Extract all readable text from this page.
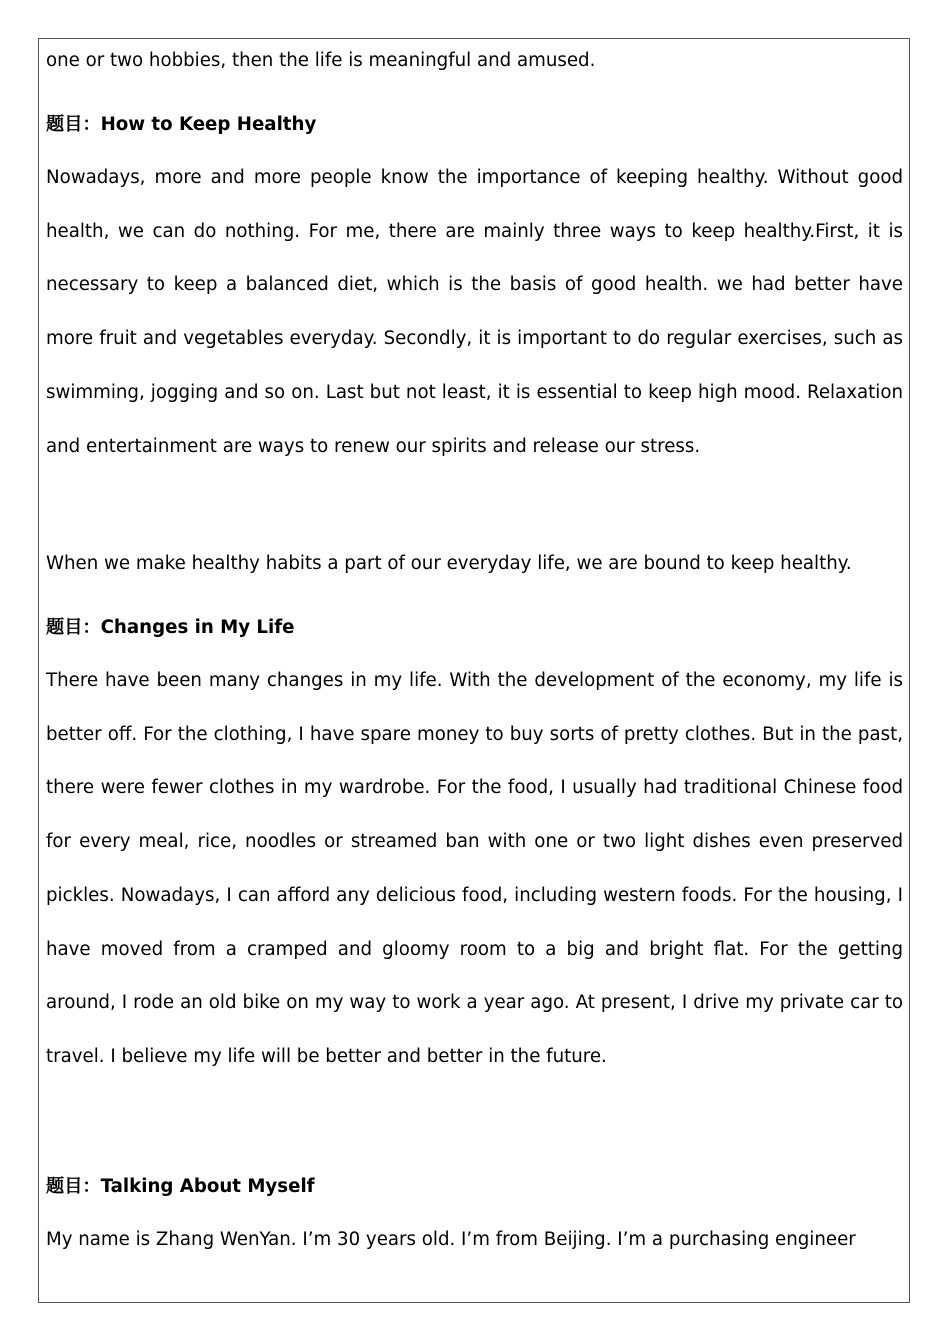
one or two hobbies, then the life is meaningful and amused.
题目：How to Keep Healthy

Nowadays, more and more people know the importance of keeping healthy. Without good health, we can do nothing. For me, there are mainly three ways to keep healthy.First, it is necessary to keep a balanced diet, which is the basis of good health. we had better have more fruit and vegetables everyday. Secondly, it is important to do regular exercises, such as swimming, jogging and so on. Last but not least, it is essential to keep high mood. Relaxation and entertainment are ways to renew our spirits and release our stress.

When we make healthy habits a part of our everyday life, we are bound to keep healthy.
题目：Changes in My Life

There have been many changes in my life. With the development of the economy, my life is better off. For the clothing, I have spare money to buy sorts of pretty clothes. But in the past, there were fewer clothes in my wardrobe. For the food, I usually had traditional Chinese food for every meal, rice, noodles or streamed ban with one or two light dishes even preserved pickles. Nowadays, I can afford any delicious food, including western foods. For the housing, I have moved from a cramped and gloomy room to a big and bright flat. For the getting around, I rode an old bike on my way to work a year ago. At present, I drive my private car to travel. I believe my life will be better and better in the future.

题目：Talking About Myself

My name is Zhang WenYan. I’m 30 years old. I’m from Beijing. I’m a purchasing engineer
